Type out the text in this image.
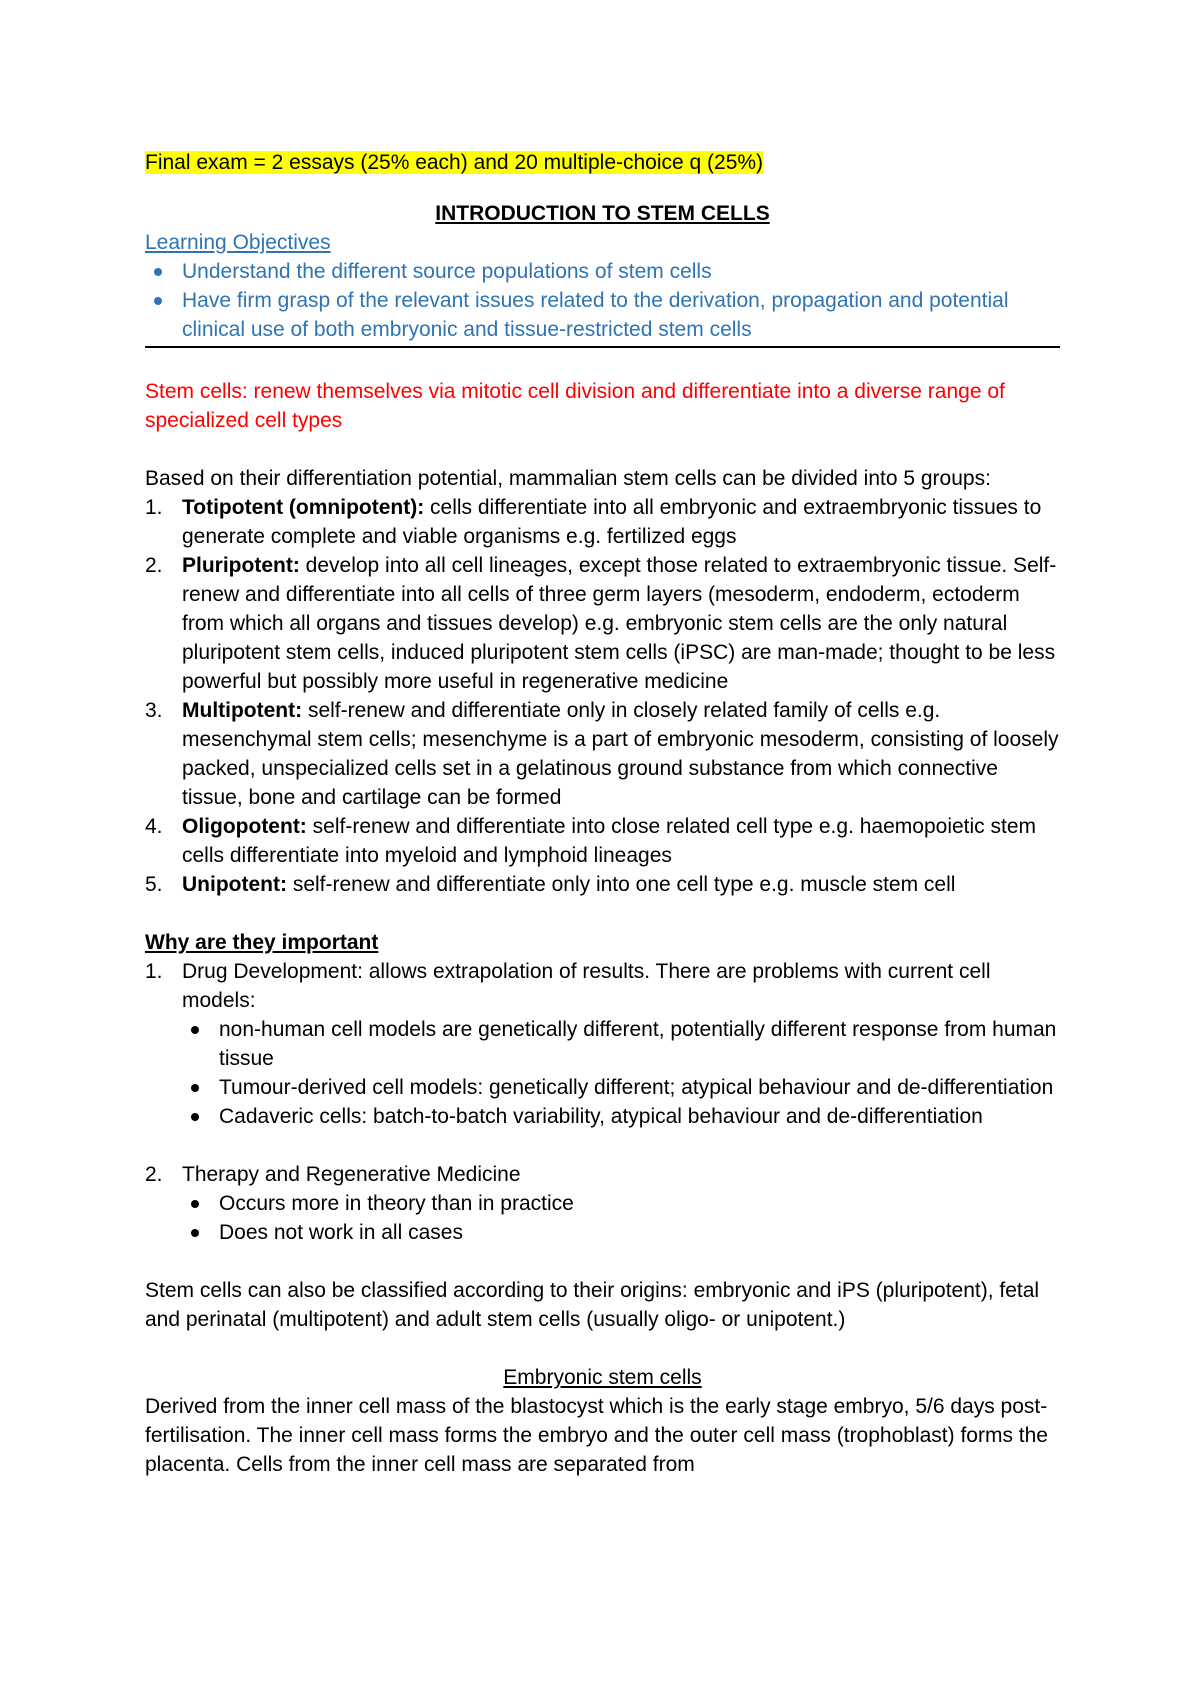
Final exam = 2 essays (25% each) and 20 multiple-choice q (25%)

INTRODUCTION TO STEM CELLS

Learning Objectives

Understand the different source populations of stem cells
Have firm grasp of the relevant issues related to the derivation, propagation and potential clinical use of both embryonic and tissue-restricted stem cells

Stem cells: renew themselves via mitotic cell division and differentiate into a diverse range of specialized cell types

Based on their differentiation potential, mammalian stem cells can be divided into 5 groups:

1. Totipotent (omnipotent): cells differentiate into all embryonic and extraembryonic tissues to generate complete and viable organisms e.g. fertilized eggs
2. Pluripotent: develop into all cell lineages, except those related to extraembryonic tissue. Self-renew and differentiate into all cells of three germ layers (mesoderm, endoderm, ectoderm from which all organs and tissues develop) e.g. embryonic stem cells are the only natural pluripotent stem cells, induced pluripotent stem cells (iPSC) are man-made; thought to be less powerful but possibly more useful in regenerative medicine
3. Multipotent: self-renew and differentiate only in closely related family of cells e.g. mesenchymal stem cells; mesenchyme is a part of embryonic mesoderm, consisting of loosely packed, unspecialized cells set in a gelatinous ground substance from which connective tissue, bone and cartilage can be formed
4. Oligopotent: self-renew and differentiate into close related cell type e.g. haemopoietic stem cells differentiate into myeloid and lymphoid lineages
5. Unipotent: self-renew and differentiate only into one cell type e.g. muscle stem cell

Why are they important

1. Drug Development: allows extrapolation of results. There are problems with current cell models:
non-human cell models are genetically different, potentially different response from human tissue
Tumour-derived cell models: genetically different; atypical behaviour and de-differentiation
Cadaveric cells: batch-to-batch variability, atypical behaviour and de-differentiation
2. Therapy and Regenerative Medicine
Occurs more in theory than in practice
Does not work in all cases

Stem cells can also be classified according to their origins: embryonic and iPS (pluripotent), fetal and perinatal (multipotent) and adult stem cells (usually oligo- or unipotent.)

Embryonic stem cells

Derived from the inner cell mass of the blastocyst which is the early stage embryo, 5/6 days post-fertilisation. The inner cell mass forms the embryo and the outer cell mass (trophoblast) forms the placenta. Cells from the inner cell mass are separated from
